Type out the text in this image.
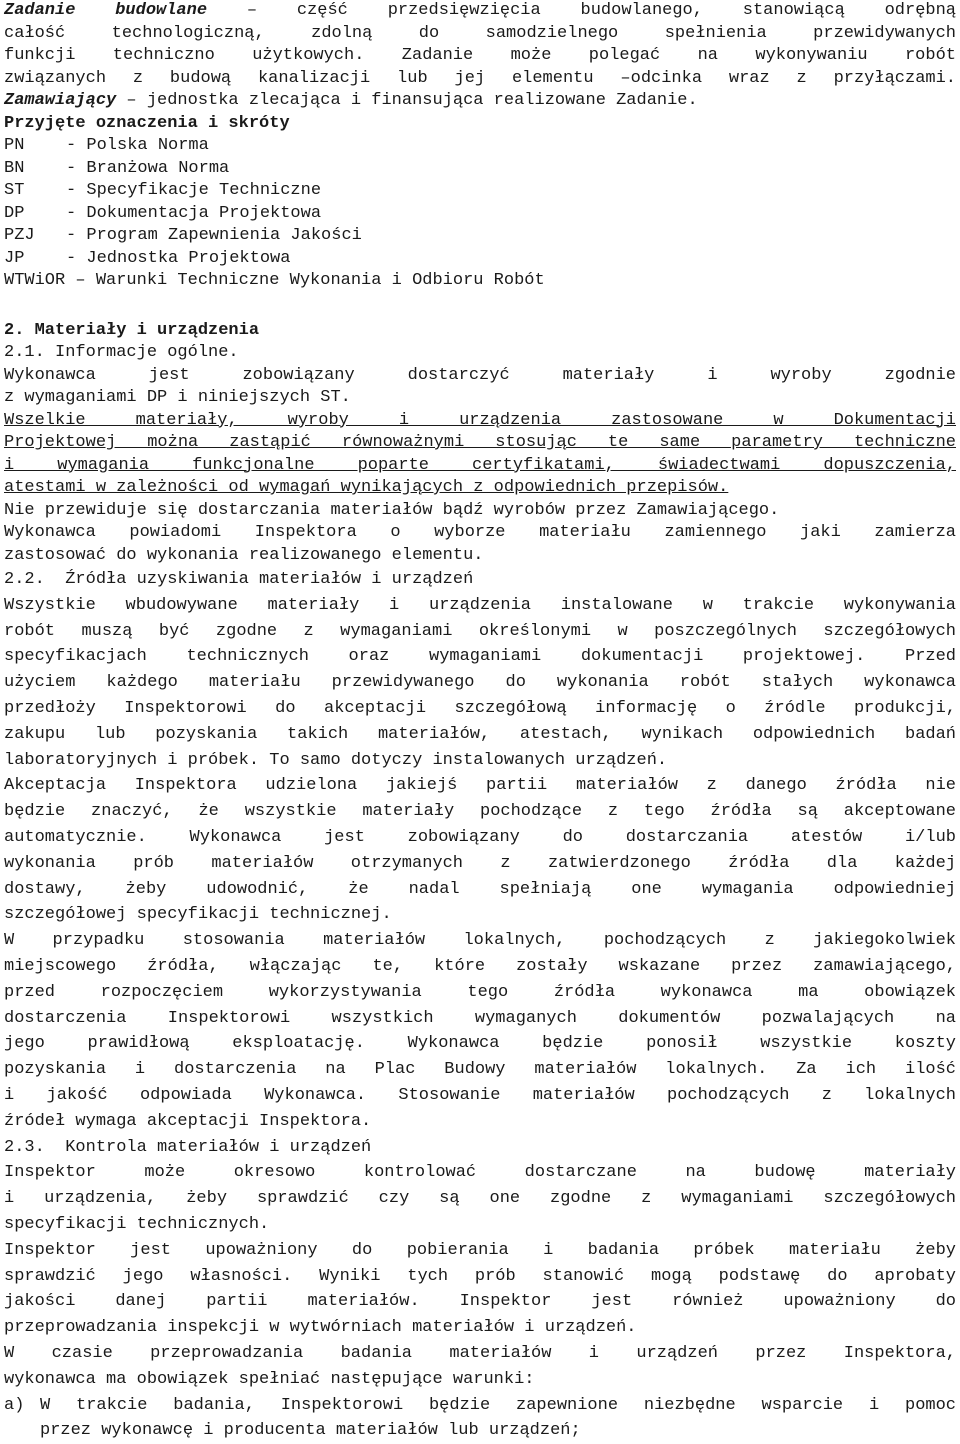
Zadanie budowlane – część przedsięwzięcia budowlanego, stanowiącą odrębną
całość technologiczną, zdolną do samodzielnego spełnienia przewidywanych
funkcji techniczno użytkowych. Zadanie może polegać na wykonywaniu robót
związanych z budową kanalizacji lub jej elementu –odcinka wraz z przyłączami.
Zamawiający – jednostka zlecająca i finansująca realizowane Zadanie.
Przyjęte oznaczenia i skróty
PN	- Polska Norma
BN	- Branżowa Norma
ST	- Specyfikacje Techniczne
DP	- Dokumentacja Projektowa
PZJ	- Program Zapewnienia Jakości
JP	- Jednostka Projektowa
WTWiOR – Warunki Techniczne Wykonania i Odbioru Robót
2. Materiały i urządzenia
2.1. Informacje ogólne.
Wykonawca jest zobowiązany dostarczyć materiały i wyroby zgodnie
z wymaganiami DP i niniejszych ST.
Wszelkie materiały, wyroby i urządzenia zastosowane w Dokumentacji
Projektowej można zastąpić równoważnymi stosując te same parametry techniczne
i wymagania funkcjonalne poparte certyfikatami, świadectwami dopuszczenia,
atestami w zależności od wymagań wynikających z odpowiednich przepisów.
Nie przewiduje się dostarczania materiałów bądź wyrobów przez Zamawiającego.
Wykonawca powiadomi Inspektora o wyborze materiału zamiennego jaki zamierza
zastosować do wykonania realizowanego elementu.
2.2.  Źródła uzyskiwania materiałów i urządzeń
Wszystkie wbudowywane materiały i urządzenia instalowane w trakcie wykonywania
robót muszą być zgodne z wymaganiami określonymi w poszczególnych szczegółowych
specyfikacjach technicznych oraz wymaganiami dokumentacji projektowej. Przed
użyciem każdego materiału przewidywanego do wykonania robót stałych wykonawca
przedłoży Inspektorowi do akceptacji szczegółową informację o źródle produkcji,
zakupu lub pozyskania takich materiałów, atestach, wynikach odpowiednich badań
laboratoryjnych i próbek. To samo dotyczy instalowanych urządzeń.
Akceptacja Inspektora udzielona jakiejś partii materiałów z danego źródła nie
będzie znaczyć, że wszystkie materiały pochodzące z tego źródła są akceptowane
automatycznie. Wykonawca jest zobowiązany do dostarczania atestów i/lub
wykonania prób materiałów otrzymanych z zatwierdzonego źródła dla każdej
dostawy, żeby udowodnić, że nadal spełniają one wymagania odpowiedniej
szczegółowej specyfikacji technicznej.
W przypadku stosowania materiałów lokalnych, pochodzących z jakiegokolwiek
miejscowego źródła, włączając te, które zostały wskazane przez zamawiającego,
przed rozpoczęciem wykorzystywania tego źródła wykonawca ma obowiązek
dostarczenia Inspektorowi wszystkich wymaganych dokumentów pozwalających na
jego prawidłową eksploatację. Wykonawca będzie ponosił wszystkie koszty
pozyskania i dostarczenia na Plac Budowy materiałów lokalnych. Za ich ilość
i jakość odpowiada Wykonawca. Stosowanie materiałów pochodzących z lokalnych
źródeł wymaga akceptacji Inspektora.
2.3.  Kontrola materiałów i urządzeń
Inspektor może okresowo kontrolować dostarczane na budowę materiały
i urządzenia, żeby sprawdzić czy są one zgodne z wymaganiami szczegółowych
specyfikacji technicznych.
Inspektor jest upoważniony do pobierania i badania próbek materiału żeby
sprawdzić jego własności. Wyniki tych prób stanowić mogą podstawę do aprobaty
jakości danej partii materiałów. Inspektor jest również upoważniony do
przeprowadzania inspekcji w wytwórniach materiałów i urządzeń.
W czasie przeprowadzania badania materiałów i urządzeń przez Inspektora,
wykonawca ma obowiązek spełniać następujące warunki:
a) W trakcie badania, Inspektorowi będzie zapewnione niezbędne wsparcie i pomoc
przez wykonawcę i producenta materiałów lub urządzeń;
